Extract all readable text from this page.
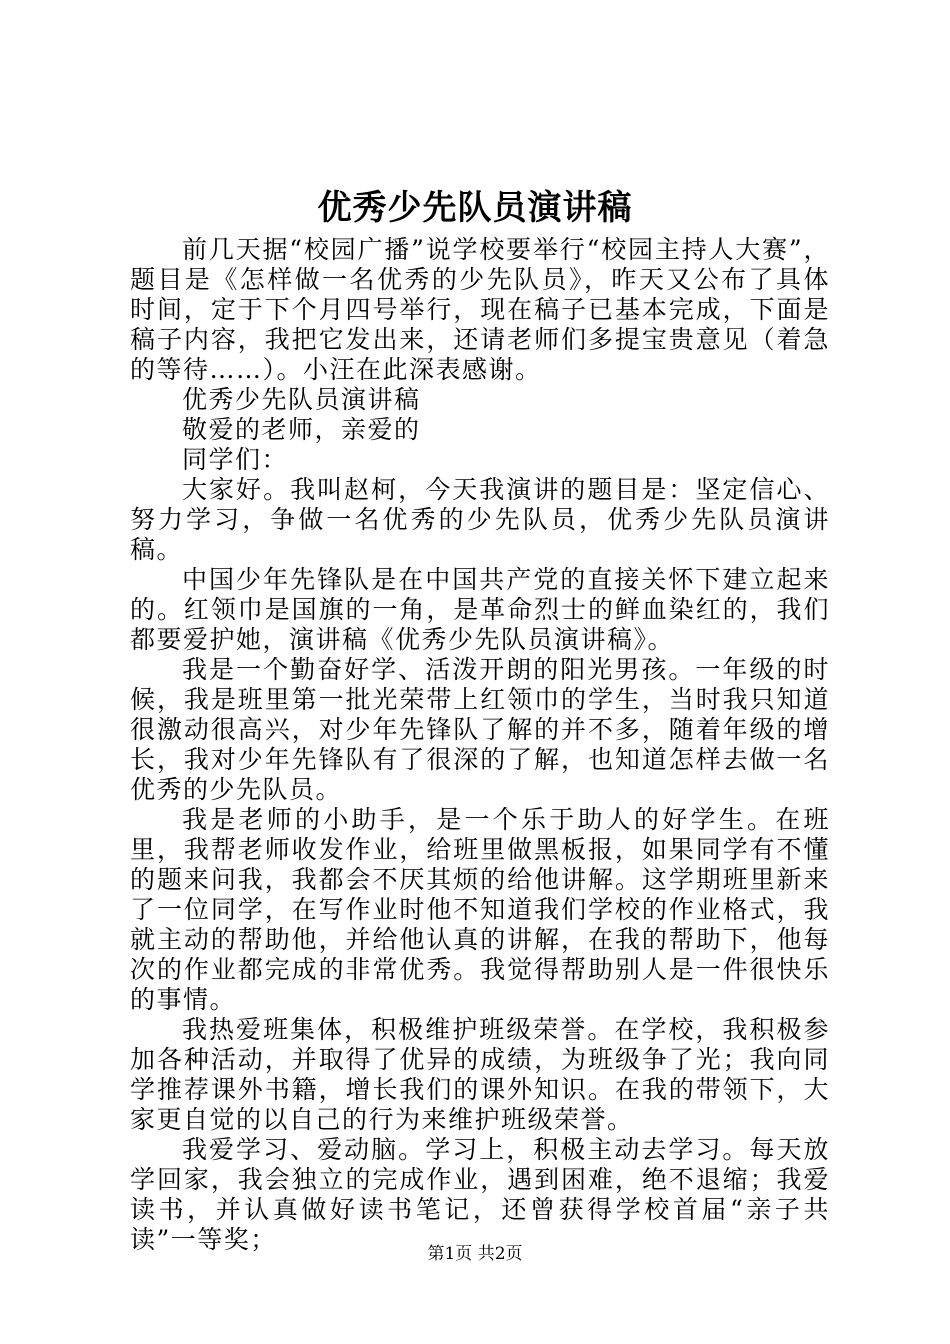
优秀少先队员演讲稿

前几天据“校园广播”说学校要举行“校园主持人大赛”，题目是《怎样做一名优秀的少先队员》，昨天又公布了具体时间，定于下个月四号举行，现在稿子已基本完成，下面是稿子内容，我把它发出来，还请老师们多提宝贵意见（着急的等待……）。小汪在此深表感谢。

优秀少先队员演讲稿

敬爱的老师，亲爱的

同学们：

大家好。我叫赵柯，今天我演讲的题目是：坚定信心、努力学习，争做一名优秀的少先队员，优秀少先队员演讲稿。

中国少年先锋队是在中国共产党的直接关怀下建立起来的。红领巾是国旗的一角，是革命烈士的鲜血染红的，我们都要爱护她，演讲稿《优秀少先队员演讲稿》。

我是一个勤奋好学、活泼开朗的阳光男孩。一年级的时候，我是班里第一批光荣带上红领巾的学生，当时我只知道很激动很高兴，对少年先锋队了解的并不多，随着年级的增长，我对少年先锋队有了很深的了解，也知道怎样去做一名优秀的少先队员。

我是老师的小助手，是一个乐于助人的好学生。在班里，我帮老师收发作业，给班里做黑板报，如果同学有不懂的题来问我，我都会不厌其烦的给他讲解。这学期班里新来了一位同学，在写作业时他不知道我们学校的作业格式，我就主动的帮助他，并给他认真的讲解，在我的帮助下，他每次的作业都完成的非常优秀。我觉得帮助别人是一件很快乐的事情。

我热爱班集体，积极维护班级荣誉。在学校，我积极参加各种活动，并取得了优异的成绩，为班级争了光；我向同学推荐课外书籍，增长我们的课外知识。在我的带领下，大家更自觉的以自己的行为来维护班级荣誉。

我爱学习、爱动脑。学习上，积极主动去学习。每天放学回家，我会独立的完成作业，遇到困难，绝不退缩；我爱读书，并认真做好读书笔记，还曾获得学校首届“亲子共读”一等奖；	第1页 共2页
